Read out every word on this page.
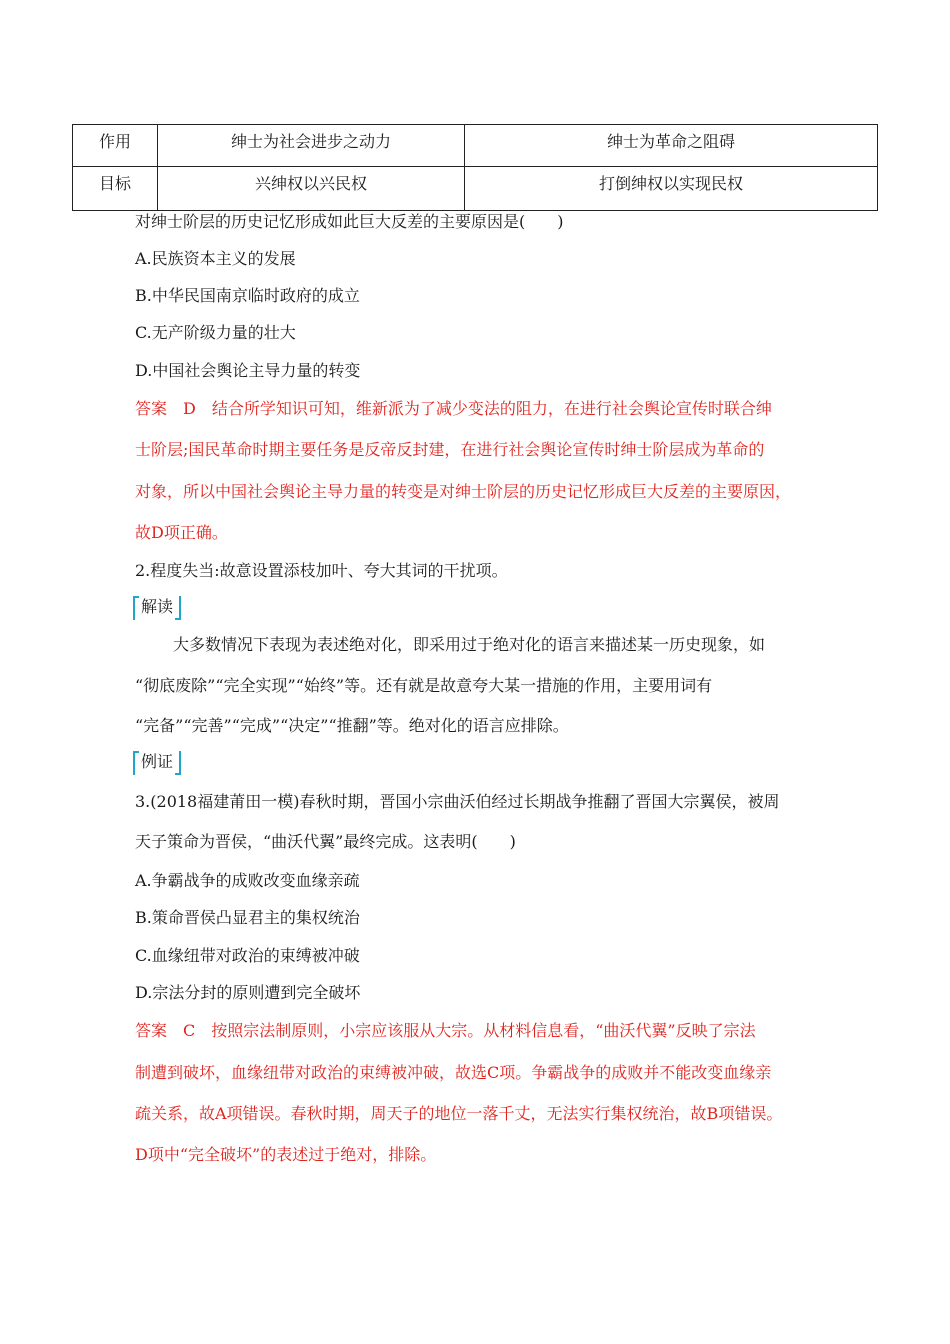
作用	绅士为社会进步之动力	绅士为革命之阻碍
目标	兴绅权以兴民权	打倒绅权以实现民权
对绅士阶层的历史记忆形成如此巨大反差的主要原因是(　　)
A.民族资本主义的发展
B.中华民国南京临时政府的成立
C.无产阶级力量的壮大
D.中国社会舆论主导力量的转变
答案　D　结合所学知识可知，维新派为了减少变法的阻力，在进行社会舆论宣传时联合绅
士阶层;国民革命时期主要任务是反帝反封建，在进行社会舆论宣传时绅士阶层成为革命的
对象，所以中国社会舆论主导力量的转变是对绅士阶层的历史记忆形成巨大反差的主要原因，
故D项正确。
2.程度失当:故意设置添枝加叶、夸大其词的干扰项。
解读
大多数情况下表现为表述绝对化，即采用过于绝对化的语言来描述某一历史现象，如
“彻底废除”“完全实现”“始终”等。还有就是故意夸大某一措施的作用，主要用词有
“完备”“完善”“完成”“决定”“推翻”等。绝对化的语言应排除。
例证
3.(2018福建莆田一模)春秋时期，晋国小宗曲沃伯经过长期战争推翻了晋国大宗翼侯，被周
天子策命为晋侯，“曲沃代翼”最终完成。这表明(　　)
A.争霸战争的成败改变血缘亲疏
B.策命晋侯凸显君主的集权统治
C.血缘纽带对政治的束缚被冲破
D.宗法分封的原则遭到完全破坏
答案　C　按照宗法制原则，小宗应该服从大宗。从材料信息看，“曲沃代翼”反映了宗法
制遭到破坏，血缘纽带对政治的束缚被冲破，故选C项。争霸战争的成败并不能改变血缘亲
疏关系，故A项错误。春秋时期，周天子的地位一落千丈，无法实行集权统治，故B项错误。
D项中“完全破坏”的表述过于绝对，排除。
